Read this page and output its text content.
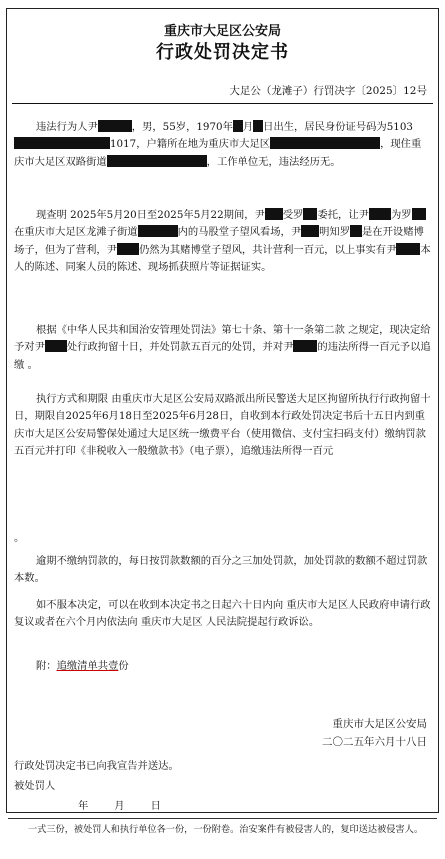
重庆市大足区公安局
行政处罚决定书
大足公（龙滩子）行罚决字〔2025〕12号

违法行为人尹	，男，55岁，1970年 月 日出生，居民身份证号码为51031017，户籍所在地为重庆市大足区	，现住重庆市大足区双路街道	，工作单位无，违法经历无。

现查明 2025年5月20日至2025年5月22期间，尹 受罗 委托，让尹 为罗在重庆市大足区龙滩子街道	内的马股堂子望风看场，尹 明知罗 是在开设赌博场子，但为了营利，尹 仍然为其赌博堂子望风，共计营利一百元，以上事实有尹 本人的陈述、同案人员的陈述、现场抓获照片等证据证实。

根据《中华人民共和国治安管理处罚法》第七十条、第十一条第二款 之规定，现决定给予对尹 处行政拘留十日，并处罚款五百元的处罚，并对尹 的违法所得一百元予以追缴 。

执行方式和期限 由重庆市大足区公安局双路派出所民警送大足区拘留所执行行政拘留十日，期限自2025年6月18日至2025年6月28日，自收到本行政处罚决定书后十五日内到重庆市大足区公安局警保处通过大足区统一缴费平台（使用微信、支付宝扫码支付）缴纳罚款五百元并打印《非税收入一般缴款书》（电子票），追缴违法所得一百元

。

逾期不缴纳罚款的，每日按罚款数额的百分之三加处罚款，加处罚款的数额不超过罚款本数。

如不服本决定，可以在收到本决定书之日起六十日内向 重庆市大足区人民政府申请行政复议或者在六个月内依法向 重庆市大足区 人民法院提起行政诉讼。

附：追缴清单共壹份

重庆市大足区公安局
二〇二五年六月十八日

行政处罚决定书已向我宣告并送达。

被处罚人

年	月	日

一式三份，被处罚人和执行单位各一份，一份附卷。治安案件有被侵害人的，复印送达被侵害人。
